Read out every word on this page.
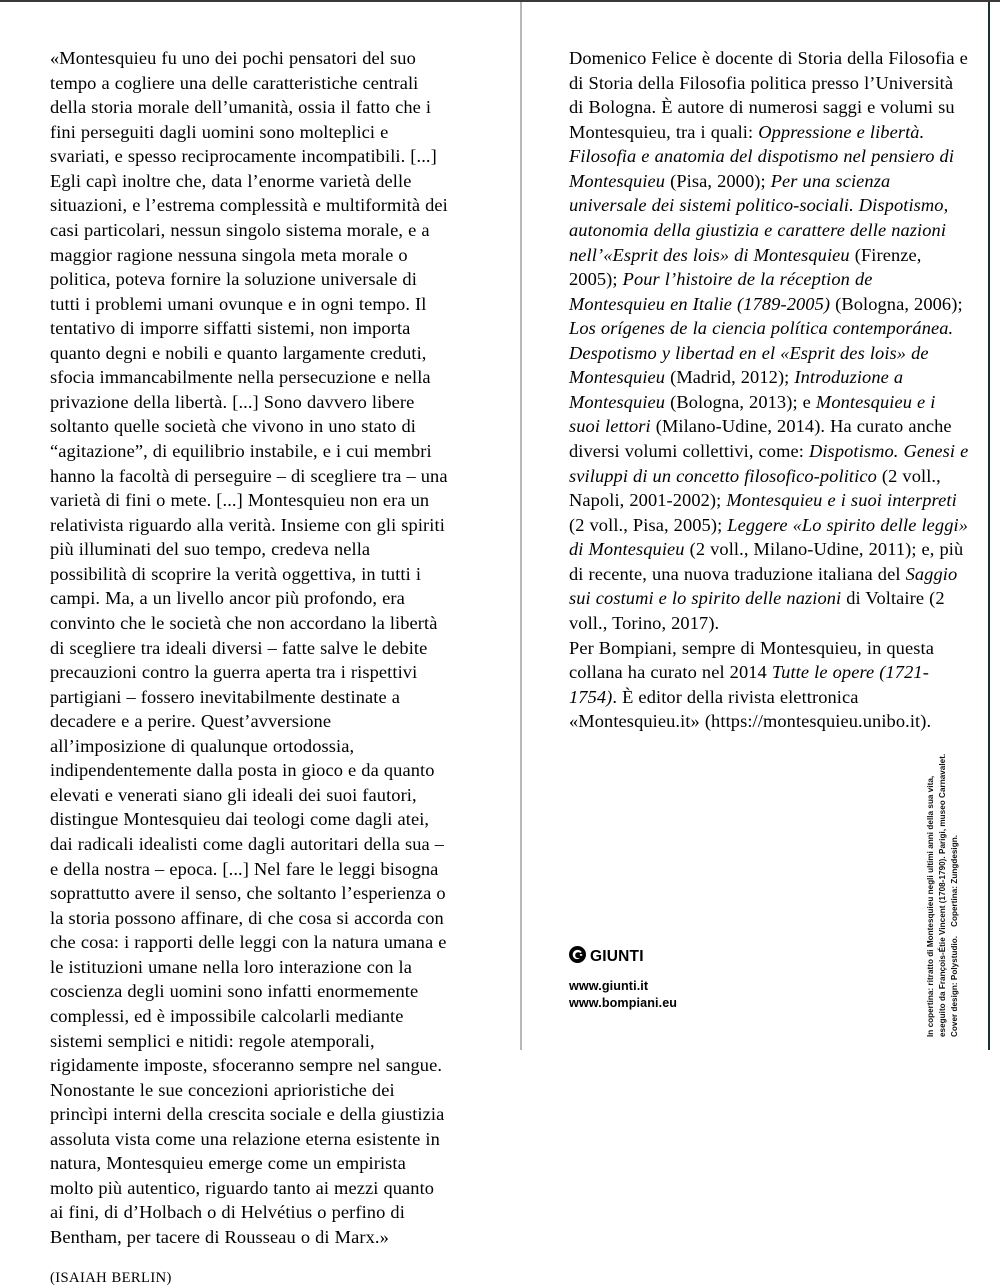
«Montesquieu fu uno dei pochi pensatori del suo tempo a cogliere una delle caratteristiche centrali della storia morale dell’umanità, ossia il fatto che i fini perseguiti dagli uomini sono molteplici e svariati, e spesso reciprocamente incompatibili. [...] Egli capì inoltre che, data l’enorme varietà delle situazioni, e l’estrema complessità e multiformità dei casi particolari, nessun singolo sistema morale, e a maggior ragione nessuna singola meta morale o politica, poteva fornire la soluzione universale di tutti i problemi umani ovunque e in ogni tempo. Il tentativo di imporre siffatti sistemi, non importa quanto degni e nobili e quanto largamente creduti, sfocia immancabilmente nella persecuzione e nella privazione della libertà. [...] Sono davvero libere soltanto quelle società che vivono in uno stato di “agitazione”, di equilibrio instabile, e i cui membri hanno la facoltà di perseguire – di scegliere tra – una varietà di fini o mete. [...] Montesquieu non era un relativista riguardo alla verità. Insieme con gli spiriti più illuminati del suo tempo, credeva nella possibilità di scoprire la verità oggettiva, in tutti i campi. Ma, a un livello ancor più profondo, era convinto che le società che non accordano la libertà di scegliere tra ideali diversi – fatte salve le debite precauzioni contro la guerra aperta tra i rispettivi partigiani – fossero inevitabilmente destinate a decadere e a perire. Quest’avversione all’imposizione di qualunque ortodossia, indipendentemente dalla posta in gioco e da quanto elevati e venerati siano gli ideali dei suoi fautori, distingue Montesquieu dai teologi come dagli atei, dai radicali idealisti come dagli autoritari della sua – e della nostra – epoca. [...] Nel fare le leggi bisogna soprattutto avere il senso, che soltanto l’esperienza o la storia possono affinare, di che cosa si accorda con che cosa: i rapporti delle leggi con la natura umana e le istituzioni umane nella loro interazione con la coscienza degli uomini sono infatti enormemente complessi, ed è impossibile calcolarli mediante sistemi semplici e nitidi: regole atemporali, rigidamente imposte, sfoceranno sempre nel sangue. Nonostante le sue concezioni aprioristiche dei princìpi interni della crescita sociale e della giustizia assoluta vista come una relazione eterna esistente in natura, Montesquieu emerge come un empirista molto più autentico, riguardo tanto ai mezzi quanto ai fini, di d’Holbach o di Helvétius o perfino di Bentham, per tacere di Rousseau o di Marx.»

(ISAIAH BERLIN)

Domenico Felice è docente di Storia della Filosofia e di Storia della Filosofia politica presso l’Università di Bologna. È autore di numerosi saggi e volumi su Montesquieu, tra i quali: Oppressione e libertà. Filosofia e anatomia del dispotismo nel pensiero di Montesquieu (Pisa, 2000); Per una scienza universale dei sistemi politico-sociali. Dispotismo, autonomia della giustizia e carattere delle nazioni nell’«Esprit des lois» di Montesquieu (Firenze, 2005); Pour l’histoire de la réception de Montesquieu en Italie (1789-2005) (Bologna, 2006); Los orígenes de la ciencia política contemporánea. Despotismo y libertad en el «Esprit des lois» de Montesquieu (Madrid, 2012); Introduzione a Montesquieu (Bologna, 2013); e Montesquieu e i suoi lettori (Milano-Udine, 2014). Ha curato anche diversi volumi collettivi, come: Dispotismo. Genesi e sviluppi di un concetto filosofico-politico (2 voll., Napoli, 2001-2002); Montesquieu e i suoi interpreti (2 voll., Pisa, 2005); Leggere «Lo spirito delle leggi» di Montesquieu (2 voll., Milano-Udine, 2011); e, più di recente, una nuova traduzione italiana del Saggio sui costumi e lo spirito delle nazioni di Voltaire (2 voll., Torino, 2017).

Per Bompiani, sempre di Montesquieu, in questa collana ha curato nel 2014 Tutte le opere (1721-1754). È editor della rivista elettronica «Montesquieu.it» (https://montesquieu.unibo.it).

GIUNTI
www.giunti.it
www.bompiani.eu	In copertina: ritratto di Montesquieu negli ultimi anni della sua vita, eseguito da François-Étie Vincent (1708-1790). Parigi, museo Carnavalet. Cover design: Polystudio.Copertina: Zungdesign.
